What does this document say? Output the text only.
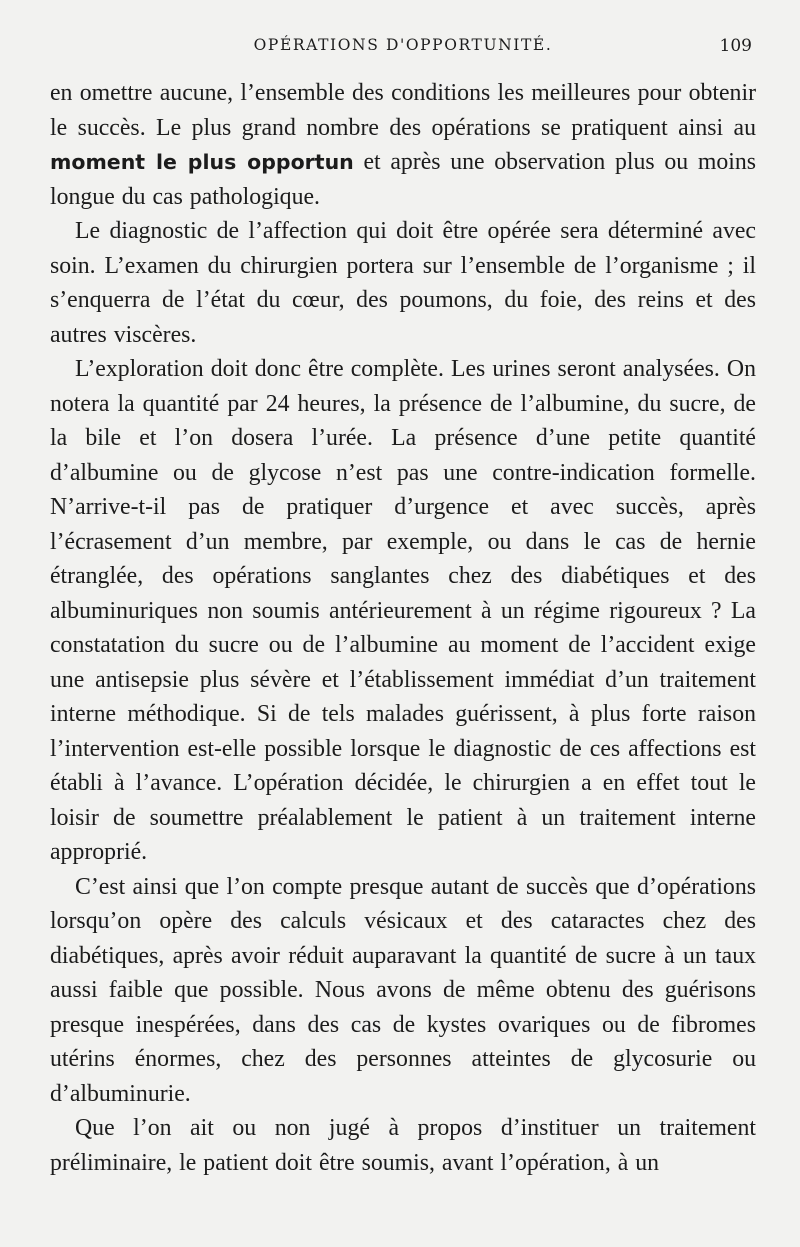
OPÉRATIONS D'OPPORTUNITÉ.	109

en omettre aucune, l’ensemble des conditions les meilleures pour obtenir le succès. Le plus grand nombre des opérations se pratiquent ainsi au moment le plus opportun et après une observation plus ou moins longue du cas pathologique.

Le diagnostic de l’affection qui doit être opérée sera déterminé avec soin. L’examen du chirurgien portera sur l’ensemble de l’organisme ; il s’enquerra de l’état du cœur, des poumons, du foie, des reins et des autres viscères.

L’exploration doit donc être complète. Les urines seront analysées. On notera la quantité par 24 heures, la présence de l’albumine, du sucre, de la bile et l’on dosera l’urée. La présence d’une petite quantité d’albumine ou de glycose n’est pas une contre-indication formelle. N’arrive-t-il pas de pratiquer d’urgence et avec succès, après l’écrasement d’un membre, par exemple, ou dans le cas de hernie étranglée, des opérations sanglantes chez des diabétiques et des albuminuriques non soumis antérieurement à un régime rigoureux ? La constatation du sucre ou de l’albumine au moment de l’accident exige une antisepsie plus sévère et l’établissement immédiat d’un traitement interne méthodique. Si de tels malades guérissent, à plus forte raison l’intervention est-elle possible lorsque le diagnostic de ces affections est établi à l’avance. L’opération décidée, le chirurgien a en effet tout le loisir de soumettre préalablement le patient à un traitement interne approprié.

C’est ainsi que l’on compte presque autant de succès que d’opérations lorsqu’on opère des calculs vésicaux et des cataractes chez des diabétiques, après avoir réduit auparavant la quantité de sucre à un taux aussi faible que possible. Nous avons de même obtenu des guérisons presque inespérées, dans des cas de kystes ovariques ou de fibromes utérins énormes, chez des personnes atteintes de glycosurie ou d’albuminurie.

Que l’on ait ou non jugé à propos d’instituer un traitement préliminaire, le patient doit être soumis, avant l’opération, à un
